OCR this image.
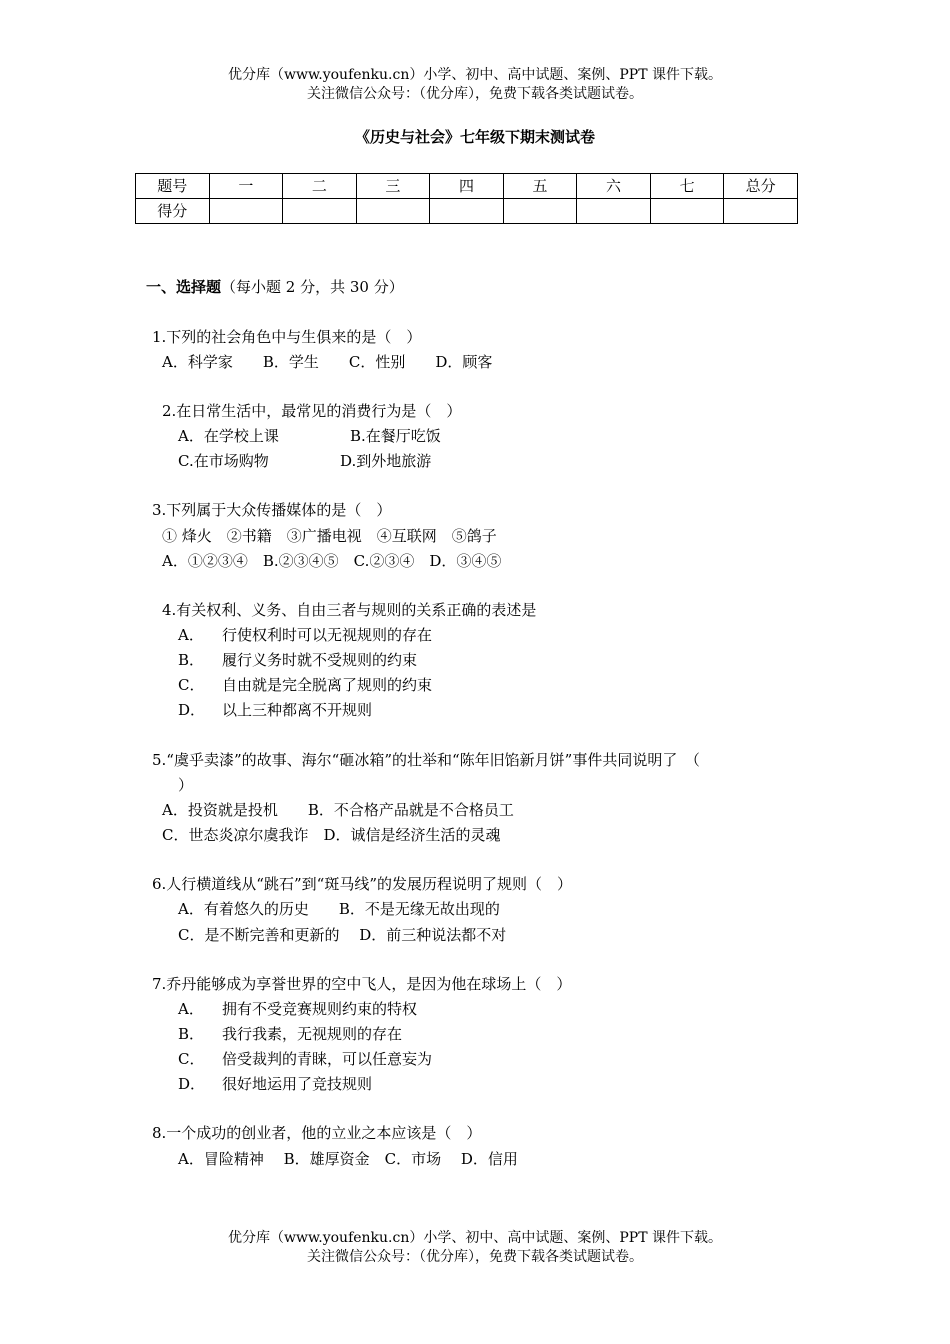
优分库（www.youfenku.cn）小学、初中、高中试题、案例、PPT 课件下载。
关注微信公众号：（优分库），免费下载各类试题试卷。
《历史与社会》七年级下期末测试卷
题号	一	二	三	四	五	六	七	总分
得分								
一、选择题（每小题 2 分，共 30 分）
1.下列的社会角色中与生俱来的是（　）
A．科学家　　B．学生　　C．性别　　D．顾客
2.在日常生活中，最常见的消费行为是（　）
A．在学校上课	B.在餐厅吃饭
C.在市场购物	D.到外地旅游
3.下列属于大众传播媒体的是（　）
① 烽火　②书籍　③广播电视　④互联网　⑤鸽子
A．①②③④　B.②③④⑤　C.②③④　D．③④⑤
4.有关权利、义务、自由三者与规则的关系正确的表述是
A． 行使权利时可以无视规则的存在
B． 履行义务时就不受规则的约束
C． 自由就是完全脱离了规则的约束
D． 以上三种都离不开规则
5.“虞乎卖漆”的故事、海尔“砸冰箱”的壮举和“陈年旧馅新月饼”事件共同说明了　（
）
A．投资就是投机　　B．不合格产品就是不合格员工
C．世态炎凉尔虞我诈　D．诚信是经济生活的灵魂
6.人行横道线从“跳石”到“斑马线”的发展历程说明了规则（　）
A．有着悠久的历史　　B．不是无缘无故出现的
C．是不断完善和更新的　 D．前三种说法都不对
7.乔丹能够成为享誉世界的空中飞人，是因为他在球场上（　）
A． 拥有不受竞赛规则约束的特权
B． 我行我素，无视规则的存在
C． 倍受裁判的青睐，可以任意妄为
D． 很好地运用了竞技规则
8.一个成功的创业者，他的立业之本应该是（　）
A．冒险精神　 B．雄厚资金　C．市场　 D．信用
优分库（www.youfenku.cn）小学、初中、高中试题、案例、PPT 课件下载。
关注微信公众号：（优分库），免费下载各类试题试卷。
